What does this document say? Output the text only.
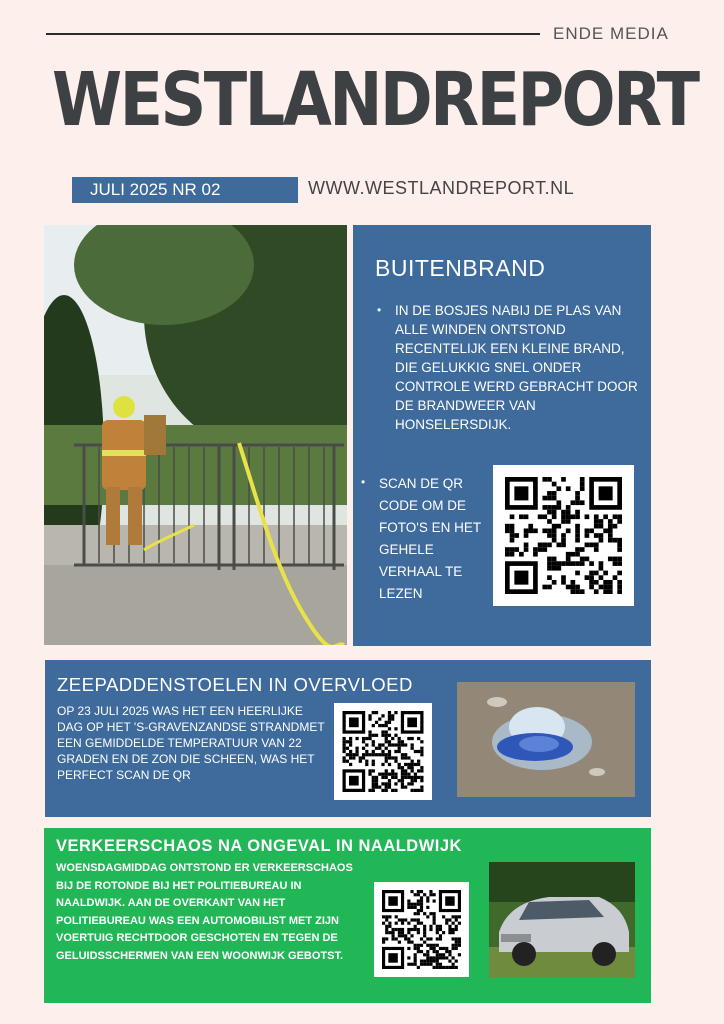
ENDE MEDIA
WESTLANDREPORT
JULI 2025 NR 02	WWW.WESTLANDREPORT.NL
BUITENBRAND
•	IN DE BOSJES NABIJ DE PLAS VAN ALLE WINDEN ONTSTOND RECENTELIJK EEN KLEINE BRAND, DIE GELUKKIG SNEL ONDER CONTROLE WERD GEBRACHT DOOR DE BRANDWEER VAN HONSELERSDIJK.
•	SCAN DE QR CODE OM DE FOTO'S EN HET GEHELE VERHAAL TE LEZEN
ZEEPADDENSTOELEN IN OVERVLOED
OP 23 JULI 2025 WAS HET EEN HEERLIJKE DAG OP HET 'S-GRAVENZANDSE STRANDMET EEN GEMIDDELDE TEMPERATUUR VAN 22 GRADEN EN DE ZON DIE SCHEEN, WAS HET PERFECT SCAN DE QR
VERKEERSCHAOS NA ONGEVAL IN NAALDWIJK
WOENSDAGMIDDAG ONTSTOND ER VERKEERSCHAOS BIJ DE ROTONDE BIJ HET POLITIEBUREAU IN NAALDWIJK. AAN DE OVERKANT VAN HET POLITIEBUREAU WAS EEN AUTOMOBILIST MET ZIJN VOERTUIG RECHTDOOR GESCHOTEN EN TEGEN DE GELUIDSSCHERMEN VAN EEN WOONWIJK GEBOTST.
